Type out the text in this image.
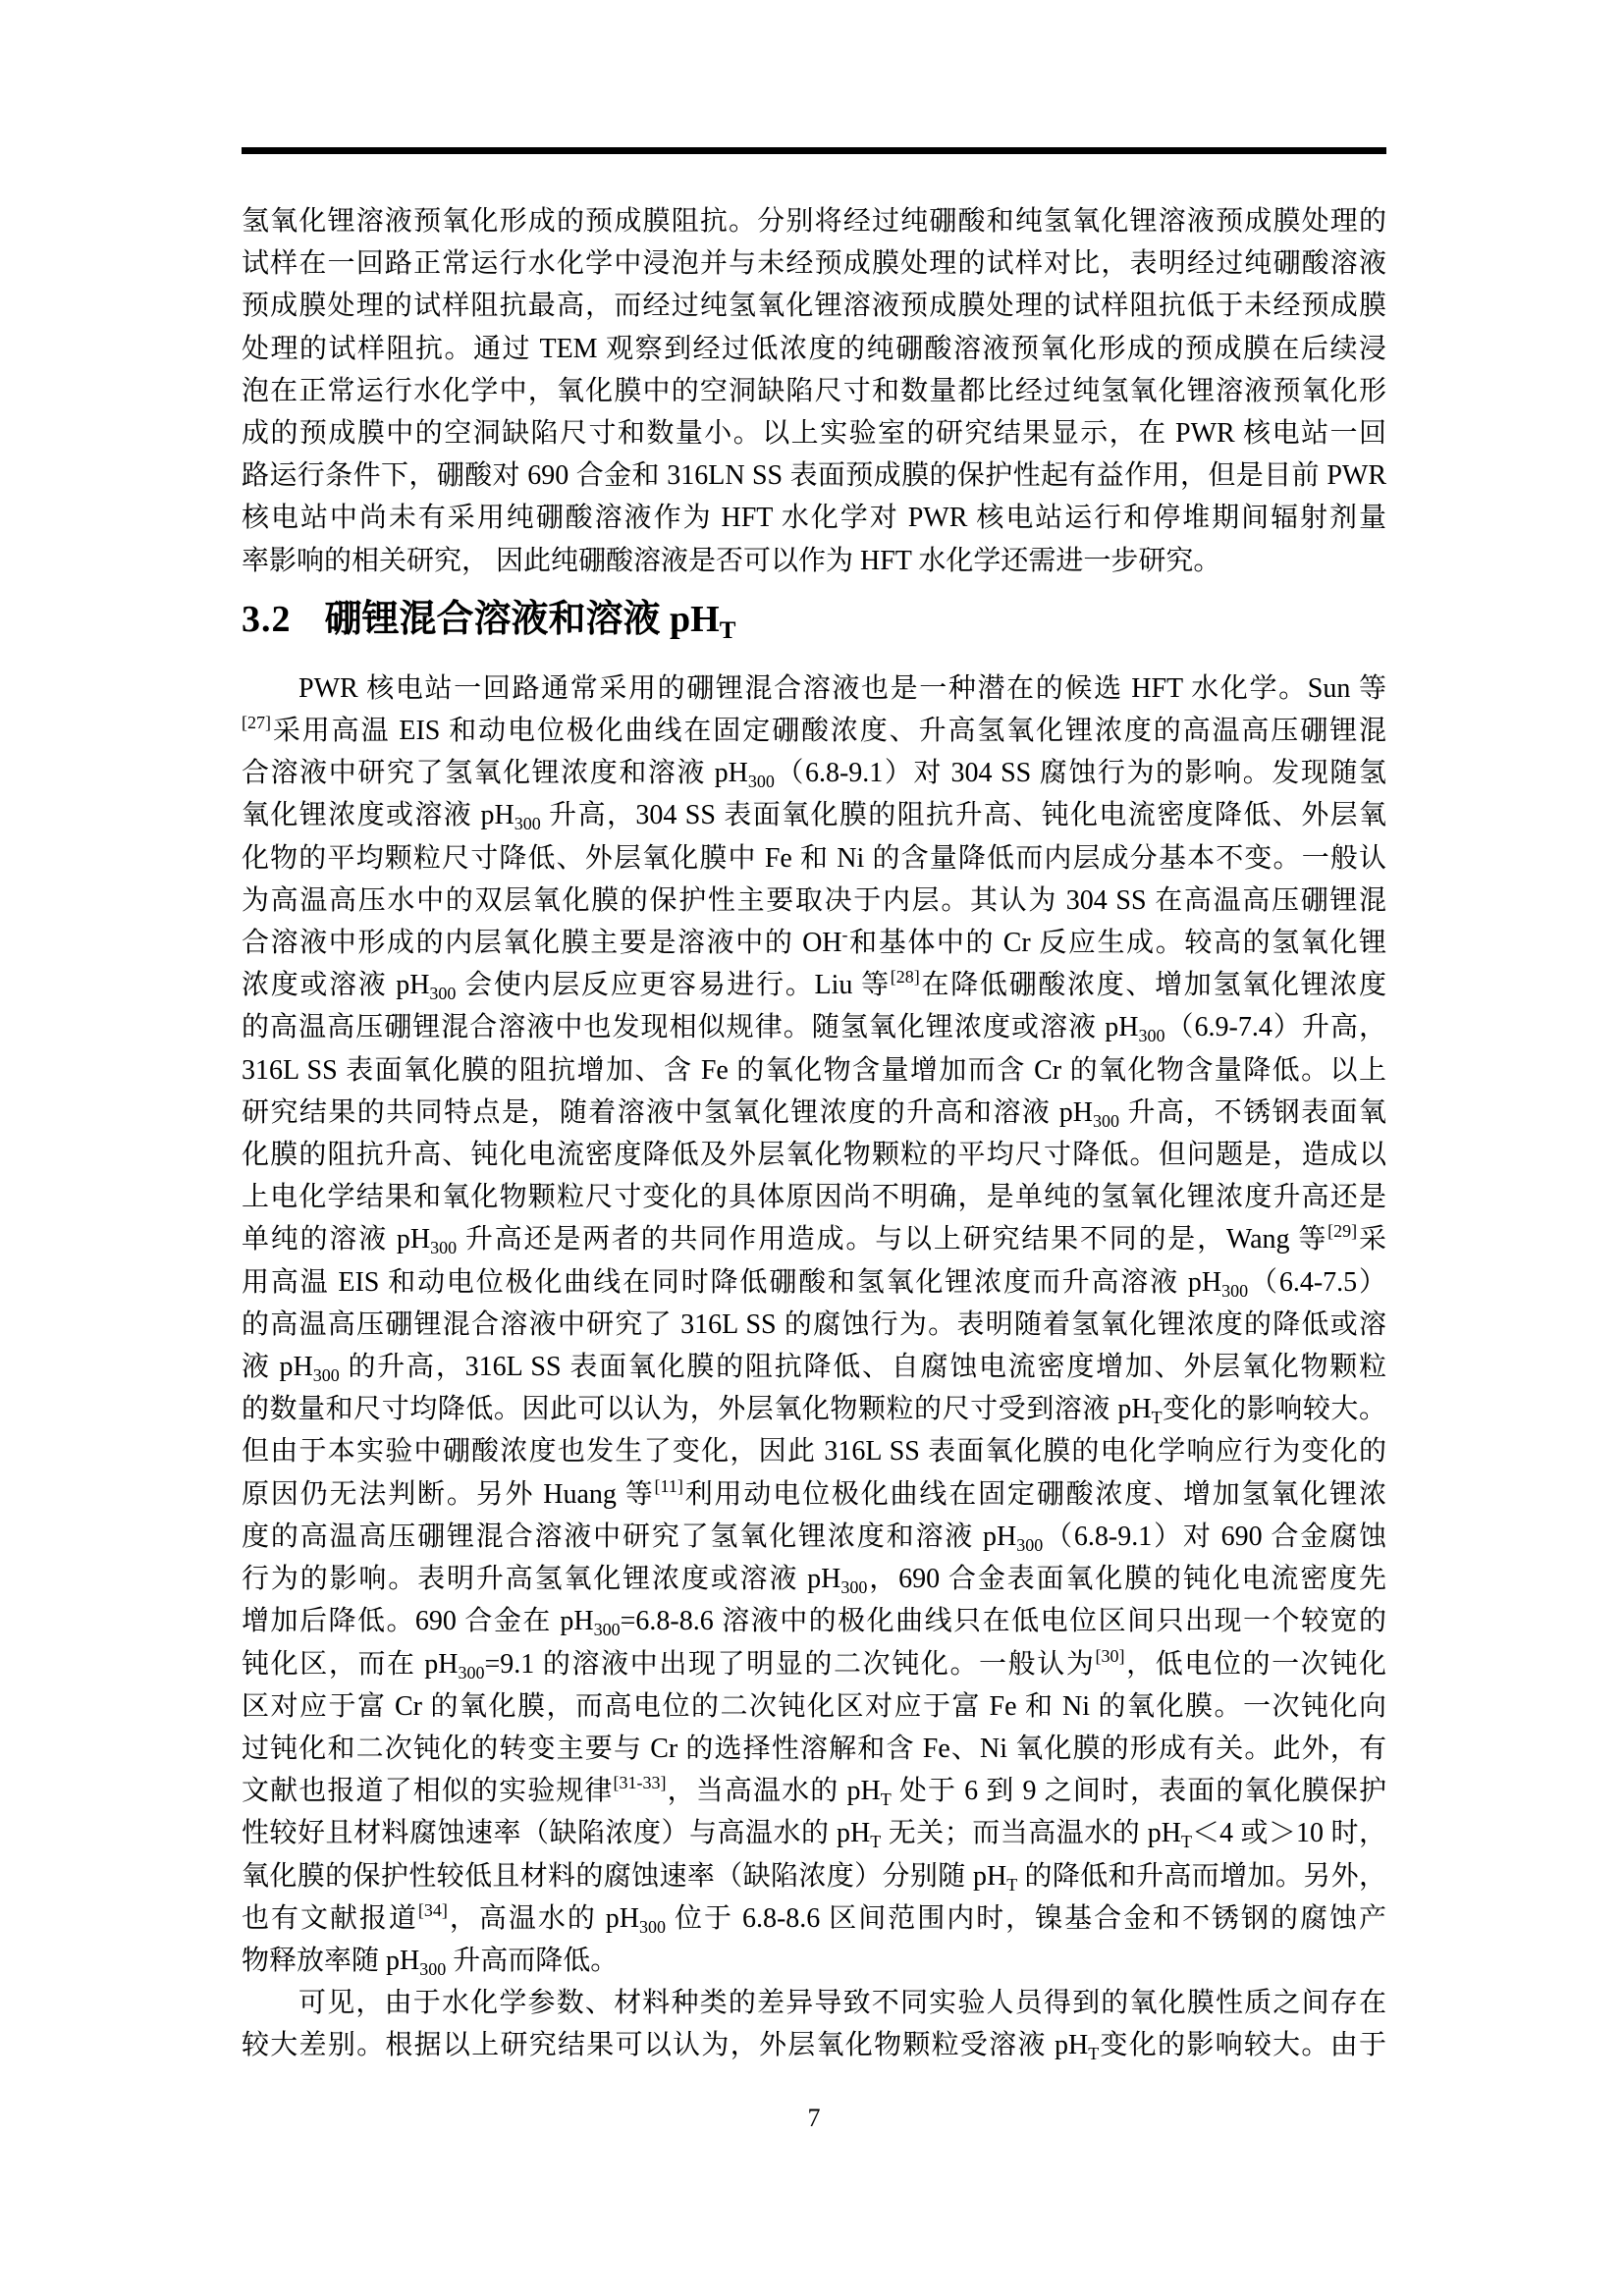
氢氧化锂溶液预氧化形成的预成膜阻抗。分别将经过纯硼酸和纯氢氧化锂溶液预成膜处理的
试样在一回路正常运行水化学中浸泡并与未经预成膜处理的试样对比，表明经过纯硼酸溶液
预成膜处理的试样阻抗最高，而经过纯氢氧化锂溶液预成膜处理的试样阻抗低于未经预成膜
处理的试样阻抗。通过 TEM 观察到经过低浓度的纯硼酸溶液预氧化形成的预成膜在后续浸
泡在正常运行水化学中，氧化膜中的空洞缺陷尺寸和数量都比经过纯氢氧化锂溶液预氧化形
成的预成膜中的空洞缺陷尺寸和数量小。以上实验室的研究结果显示，在 PWR 核电站一回
路运行条件下，硼酸对 690 合金和 316LN SS 表面预成膜的保护性起有益作用，但是目前 PWR
核电站中尚未有采用纯硼酸溶液作为 HFT 水化学对 PWR 核电站运行和停堆期间辐射剂量
率影响的相关研究， 因此纯硼酸溶液是否可以作为 HFT 水化学还需进一步研究。
3.2 硼锂混合溶液和溶液 $pH_T$
PWR 核电站一回路通常采用的硼锂混合溶液也是一种潜在的候选 HFT 水化学。Sun 等
[27]采用高温 EIS 和动电位极化曲线在固定硼酸浓度、升高氢氧化锂浓度的高温高压硼锂混
合溶液中研究了氢氧化锂浓度和溶液 $pH_{300}(6.8-9.1)$对 304 SS 腐蚀行为的影响。发现随氢
氧化锂浓度或溶液 $pH_{300}$ 升高，304 SS 表面氧化膜的阻抗升高、钝化电流密度降低、外层氧
化物的平均颗粒尺寸降低、外层氧化膜中 Fe 和 Ni 的含量降低而内层成分基本不变。一般认
为高温高压水中的双层氧化膜的保护性主要取决于内层。其认为 304 SS 在高温高压硼锂混
合溶液中形成的内层氧化膜主要是溶液中的 OH-和基体中的 Cr 反应生成。较高的氢氧化锂
浓度或溶液 $pH_{300}$ 会使内层反应更容易进行。Liu 等[28]在降低硼酸浓度、增加氢氧化锂浓度
的高温高压硼锂混合溶液中也发现相似规律。随氢氧化锂浓度或溶液 $pH_{300}(6.9-7.4)$升高，
316L SS 表面氧化膜的阻抗增加、含 Fe 的氧化物含量增加而含 Cr 的氧化物含量降低。以上
研究结果的共同特点是，随着溶液中氢氧化锂浓度的升高和溶液 $pH_{300}$ 升高，不锈钢表面氧
化膜的阻抗升高、钝化电流密度降低及外层氧化物颗粒的平均尺寸降低。但问题是，造成以
上电化学结果和氧化物颗粒尺寸变化的具体原因尚不明确，是单纯的氢氧化锂浓度升高还是
单纯的溶液 $pH_{300}$ 升高还是两者的共同作用造成。与以上研究结果不同的是，Wang 等[29]采
用高温 EIS 和动电位极化曲线在同时降低硼酸和氢氧化锂浓度而升高溶液 $pH_{300}(6.4-7.5)$
的高温高压硼锂混合溶液中研究了 316L SS 的腐蚀行为。表明随着氢氧化锂浓度的降低或溶
液 $pH_{300}$ 的升高，316L SS 表面氧化膜的阻抗降低、自腐蚀电流密度增加、外层氧化物颗粒
的数量和尺寸均降低。因此可以认为，外层氧化物颗粒的尺寸受到溶液 $pH_T$变化的影响较大。
但由于本实验中硼酸浓度也发生了变化，因此 316L SS 表面氧化膜的电化学响应行为变化的
原因仍无法判断。另外 Huang 等[11]利用动电位极化曲线在固定硼酸浓度、增加氢氧化锂浓
度的高温高压硼锂混合溶液中研究了氢氧化锂浓度和溶液 $pH_{300}(6.8-9.1)$对 690 合金腐蚀
行为的影响。表明升高氢氧化锂浓度或溶液 $pH_{300}$，690 合金表面氧化膜的钝化电流密度先
增加后降低。690 合金在 $pH_{300}=6.8-8.6$ 溶液中的极化曲线只在低电位区间只出现一个较宽的
钝化区，而在 $pH_{300}=9.1$ 的溶液中出现了明显的二次钝化。一般认为[30]，低电位的一次钝化
区对应于富 Cr 的氧化膜，而高电位的二次钝化区对应于富 Fe 和 Ni 的氧化膜。一次钝化向
过钝化和二次钝化的转变主要与 Cr 的选择性溶解和含 Fe、Ni 氧化膜的形成有关。此外，有
文献也报道了相似的实验规律[31-33]，当高温水的 $pH_T$ 处于 6 到 9 之间时，表面的氧化膜保护
性较好且材料腐蚀速率（缺陷浓度）与高温水的 $pH_T$ 无关；而当高温水的 $pH_T<4$ 或＞10 时，
氧化膜的保护性较低且材料的腐蚀速率（缺陷浓度）分别随 $pH_T$ 的降低和升高而增加。另外，
也有文献报道[34]，高温水的 $pH_{300}$ 位于 6.8-8.6 区间范围内时，镍基合金和不锈钢的腐蚀产
物释放率随 $pH_{300}$ 升高而降低。
可见，由于水化学参数、材料种类的差异导致不同实验人员得到的氧化膜性质之间存在
较大差别。根据以上研究结果可以认为，外层氧化物颗粒受溶液 $pH_T$变化的影响较大。由于
7
